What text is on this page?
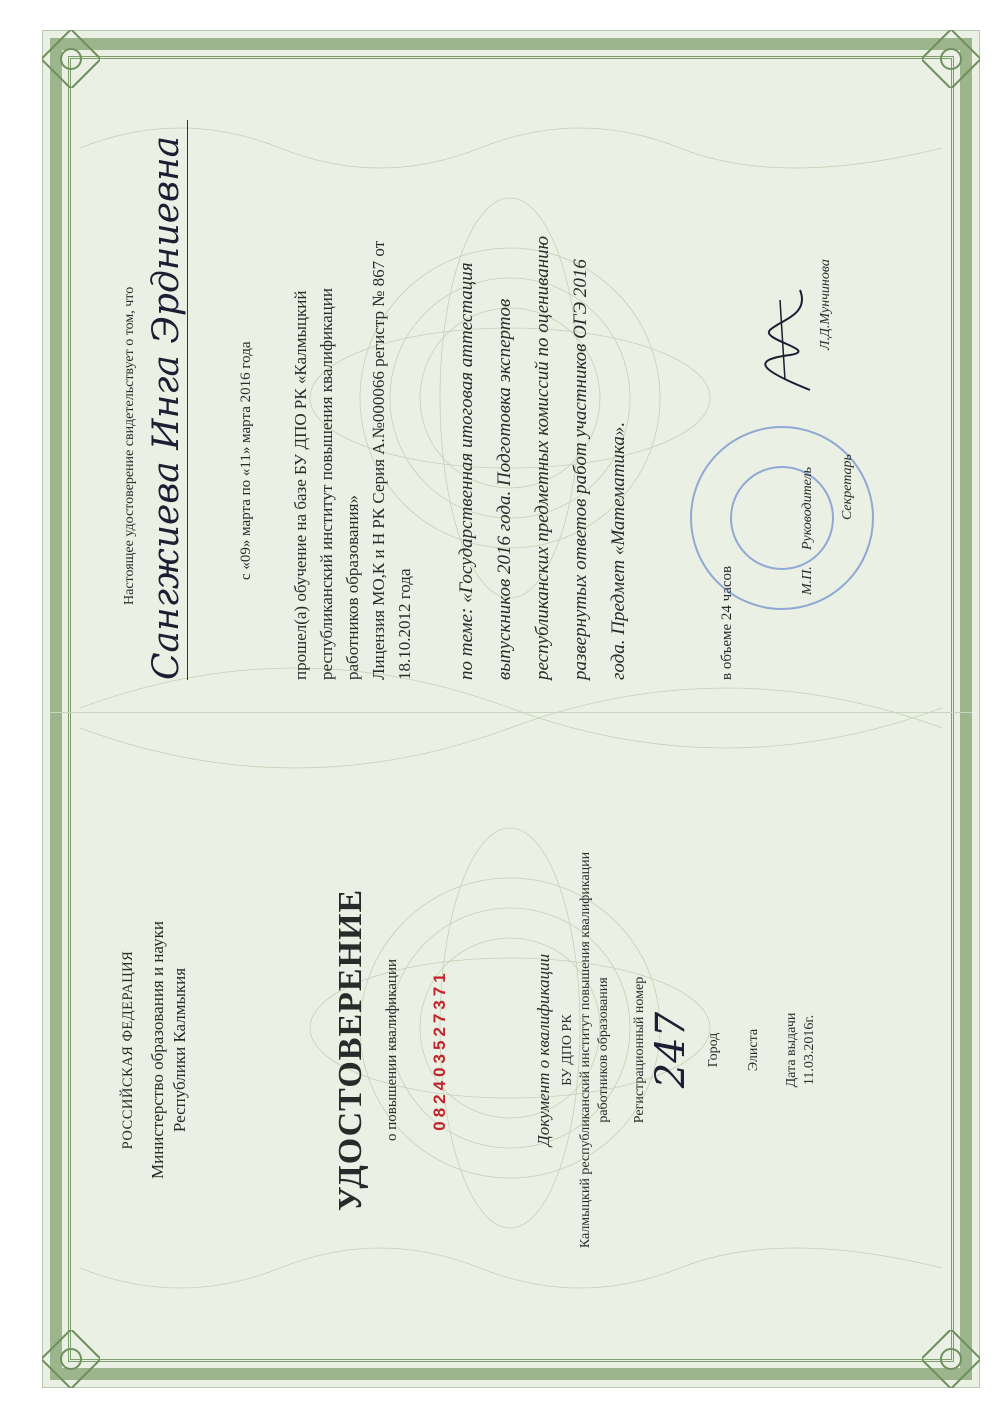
РОССИЙСКАЯ ФЕДЕРАЦИЯ Министерство образования и науки Республики Калмыкия	УДОСТОВЕРЕНИЕ о повышении квалификации 082403527371	Документ о квалификации БУ ДПО РК Калмыцкий республиканский институт повышения квалификации работников образования Регистрационный номер 247 Город Элиста Дата выдачи 11.03.2016г.
Настоящее удостоверение свидетельствует о том, что Сангжиева Инга Эрдниевна	с «09» марта по «11» марта 2016 года прошел(а) обучение на базе БУ ДПО РК «Калмыцкий республиканский институт повышения квалификации работников образования» Лицензия МО,К и Н РК Серия А.№000066 регистр № 867 от 18.10.2012 года	по теме: «Государственная итоговая аттестация выпускников 2016 года. Подготовка экспертов республиканских предметных комиссий по оцениванию развернутых ответов работ участников ОГЭ 2016 года. Предмет «Математика».	в объеме 24 часов	М.П.
Руководитель Секретарь
Л.Д.Мунчинова
